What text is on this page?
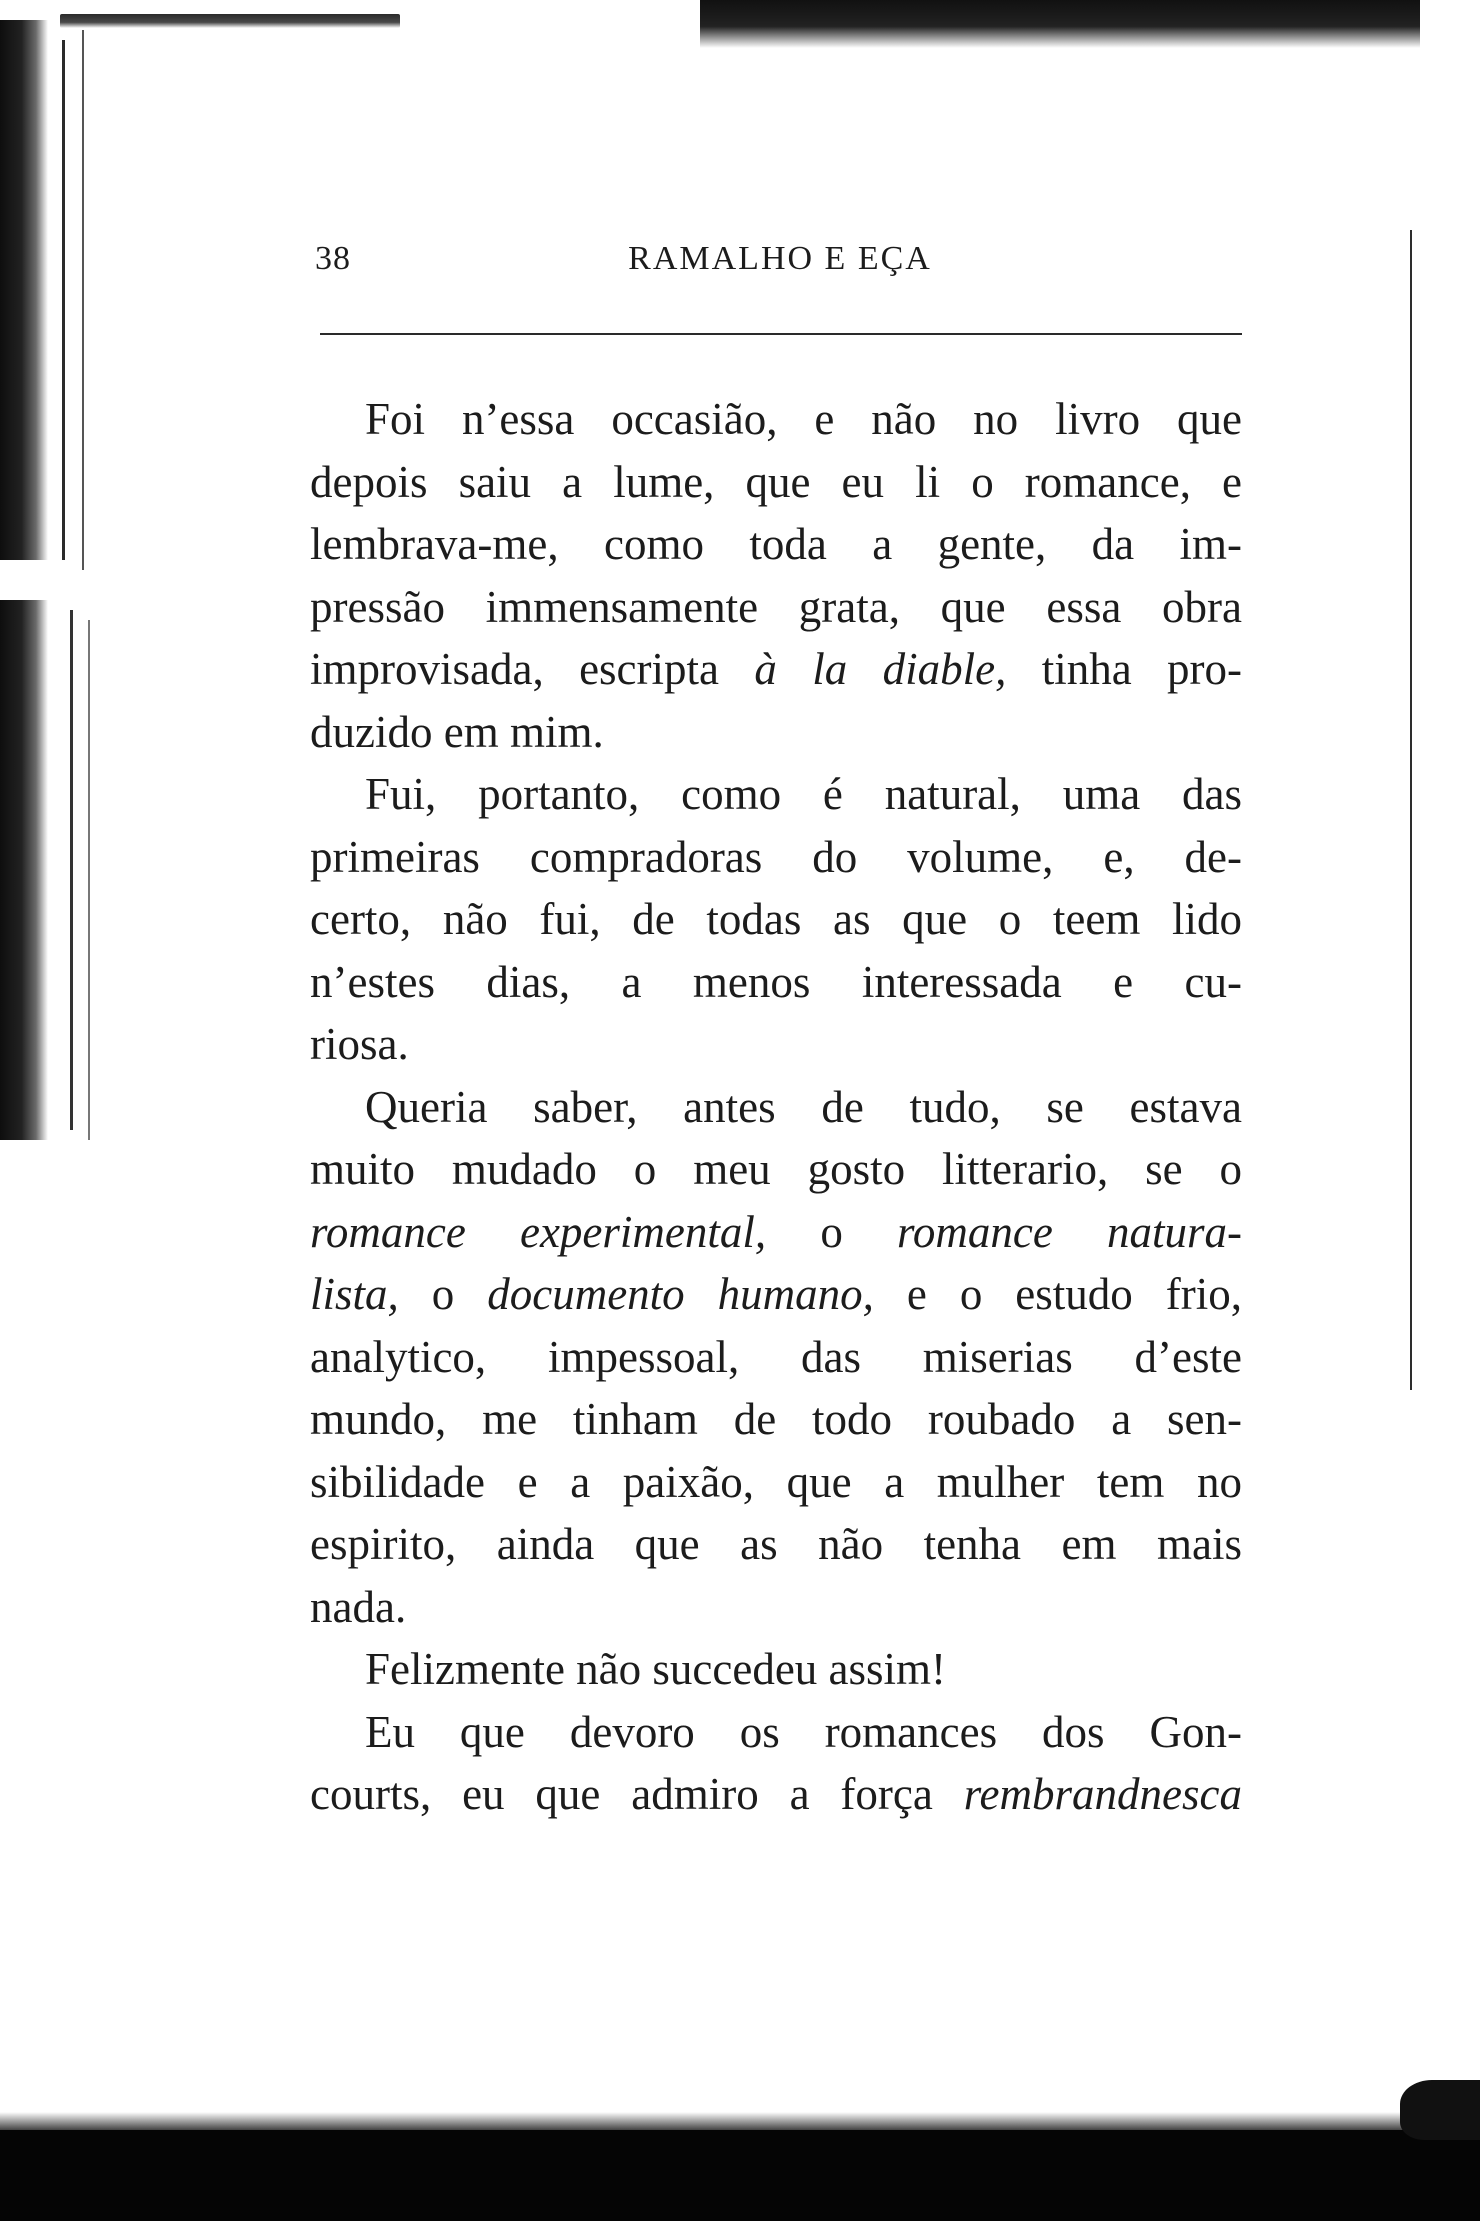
38	RAMALHO E EÇA
Foi n’essa occasião, e não no livro que
depois saiu a lume, que eu li o romance, e
lembrava-me, como toda a gente, da im-
pressão immensamente grata, que essa obra
improvisada, escripta à la diable, tinha pro-
duzido em mim.
Fui, portanto, como é natural, uma das
primeiras compradoras do volume, e, de-
certo, não fui, de todas as que o teem lido
n’estes dias, a menos interessada e cu-
riosa.
Queria saber, antes de tudo, se estava
muito mudado o meu gosto litterario, se o
romance experimental, o romance natura-
lista, o documento humano, e o estudo frio,
analytico, impessoal, das miserias d’este
mundo, me tinham de todo roubado a sen-
sibilidade e a paixão, que a mulher tem no
espirito, ainda que as não tenha em mais
nada.
Felizmente não succedeu assim!
Eu que devoro os romances dos Gon-
courts, eu que admiro a força rembrandnesca
